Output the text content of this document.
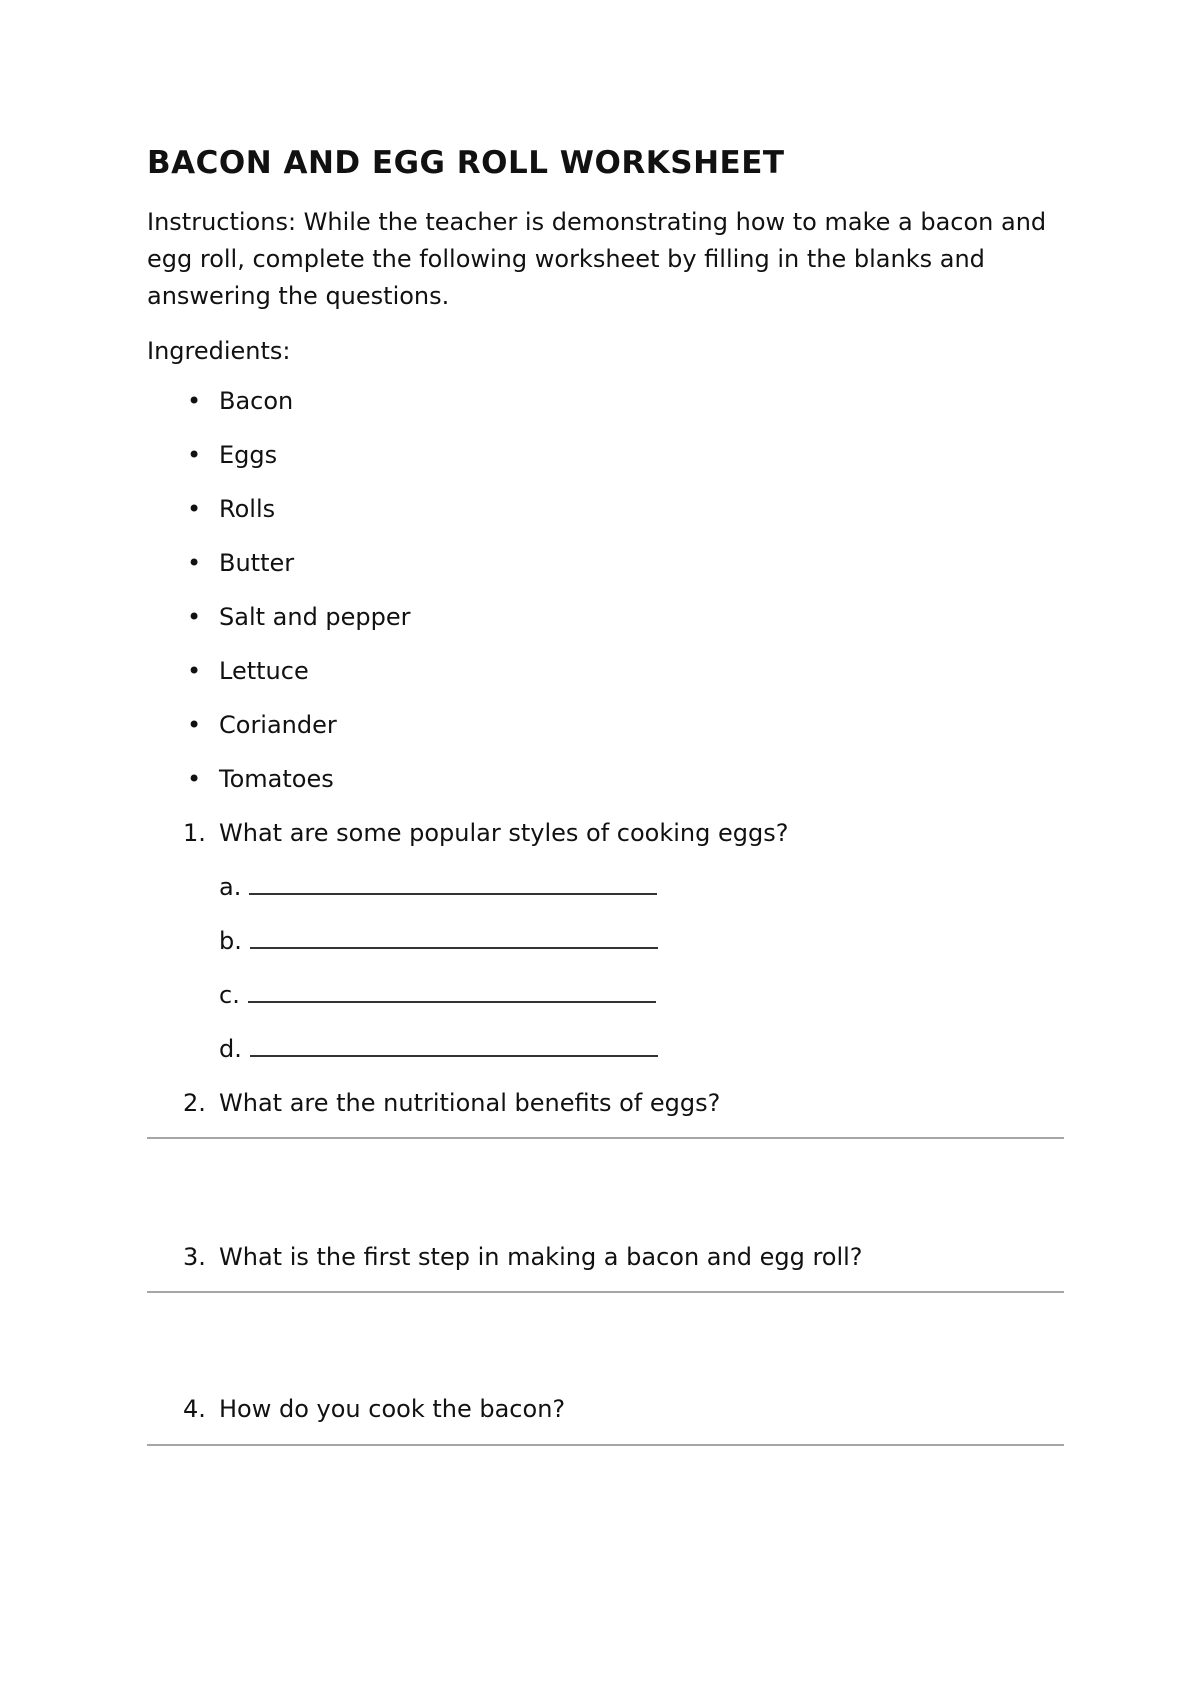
BACON AND EGG ROLL WORKSHEET

Instructions: While the teacher is demonstrating how to make a bacon and egg roll, complete the following worksheet by filling in the blanks and answering the questions.

Ingredients:

• Bacon
• Eggs
• Rolls
• Butter
• Salt and pepper
• Lettuce
• Coriander
• Tomatoes
1. What are some popular styles of cooking eggs?
a.
b.
c.
d.
2. What are the nutritional benefits of eggs?
3. What is the first step in making a bacon and egg roll?
4. How do you cook the bacon?
